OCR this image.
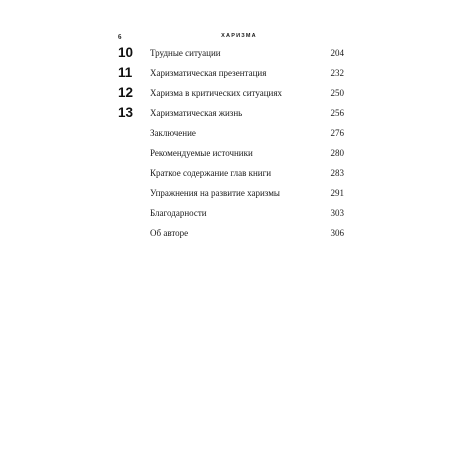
6	ХАРИЗМА
10 Трудные ситуации	204
11 Харизматическая презентация	232
12 Харизма в критических ситуациях	250
13 Харизматическая жизнь	256
Заключение	276
Рекомендуемые источники	280
Краткое содержание глав книги	283
Упражнения на развитие харизмы	291
Благодарности	303
Об авторе	306
